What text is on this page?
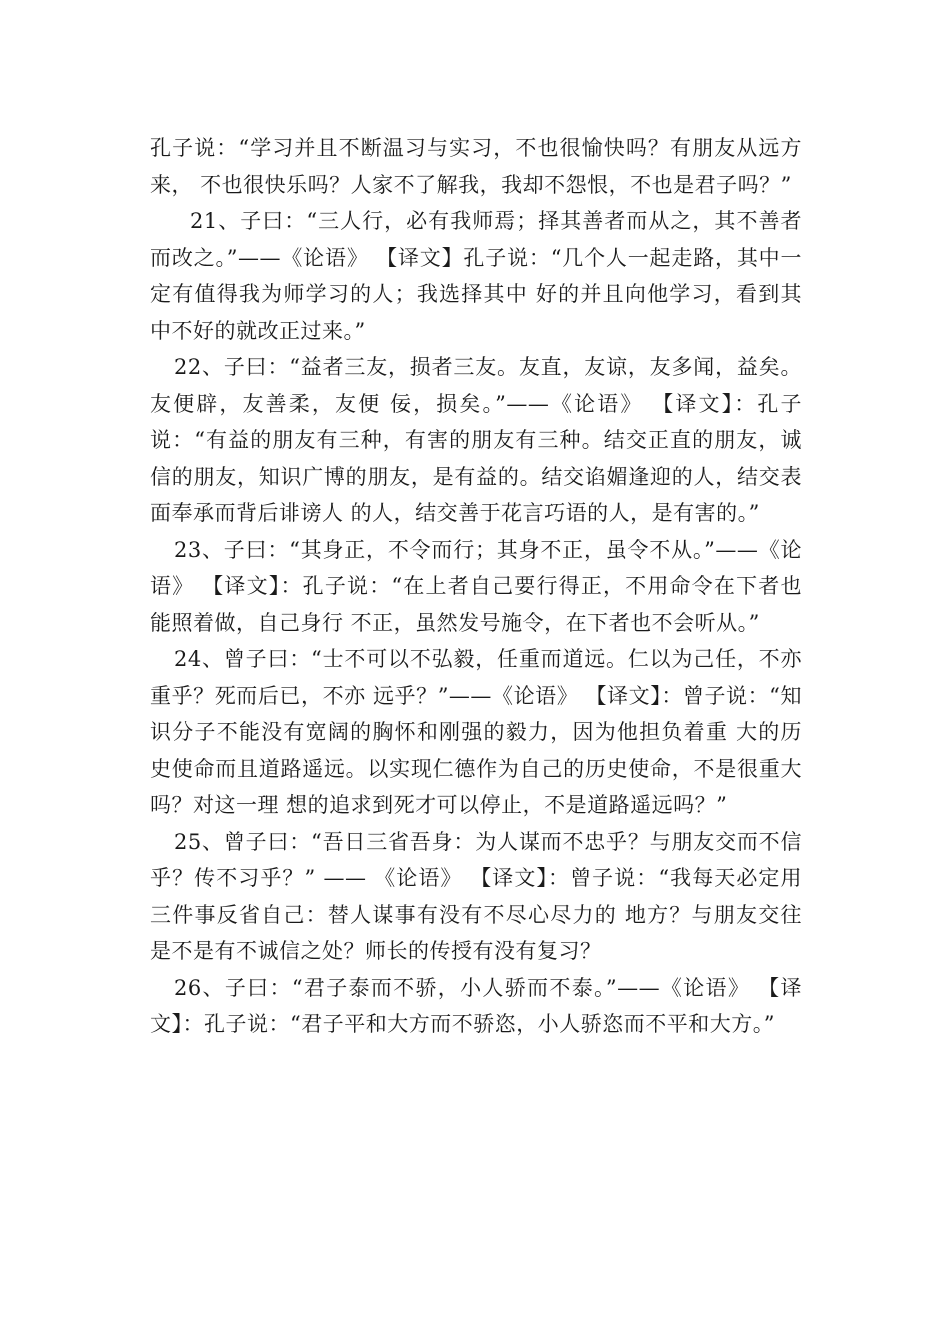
孔子说：“学习并且不断温习与实习，不也很愉快吗？有朋友从远方来， 不也很快乐吗？人家不了解我，我却不怨恨，不也是君子吗？”

21、子曰：“三人行，必有我师焉；择其善者而从之，其不善者而改之。”——《论语》 【译文】孔子说：“几个人一起走路，其中一定有值得我为师学习的人；我选择其中 好的并且向他学习，看到其中不好的就改正过来。”

22、子曰：“益者三友，损者三友。友直，友谅，友多闻，益矣。友便辟，友善柔，友便 佞，损矣。”——《论语》 【译文】：孔子说：“有益的朋友有三种，有害的朋友有三种。结交正直的朋友，诚 信的朋友，知识广博的朋友，是有益的。结交谄媚逢迎的人，结交表面奉承而背后诽谤人 的人，结交善于花言巧语的人，是有害的。”

23、子曰：“其身正，不令而行；其身不正，虽令不从。”——《论语》 【译文】：孔子说：“在上者自己要行得正，不用命令在下者也能照着做，自己身行 不正，虽然发号施令，在下者也不会听从。”

24、曾子曰：“士不可以不弘毅，任重而道远。仁以为己任，不亦重乎？死而后已，不亦 远乎？”——《论语》 【译文】：曾子说：“知识分子不能没有宽阔的胸怀和刚强的毅力，因为他担负着重 大的历史使命而且道路遥远。以实现仁德作为自己的历史使命，不是很重大吗？对这一理 想的追求到死才可以停止，不是道路遥远吗？”

25、曾子曰：“吾日三省吾身：为人谋而不忠乎？与朋友交而不信乎？传不习乎？” —— 《论语》 【译文】：曾子说：“我每天必定用三件事反省自己：替人谋事有没有不尽心尽力的 地方？与朋友交往是不是有不诚信之处？师长的传授有没有复习？

26、子曰：“君子泰而不骄，小人骄而不泰。”——《论语》 【译文】：孔子说：“君子平和大方而不骄恣，小人骄恣而不平和大方。”
